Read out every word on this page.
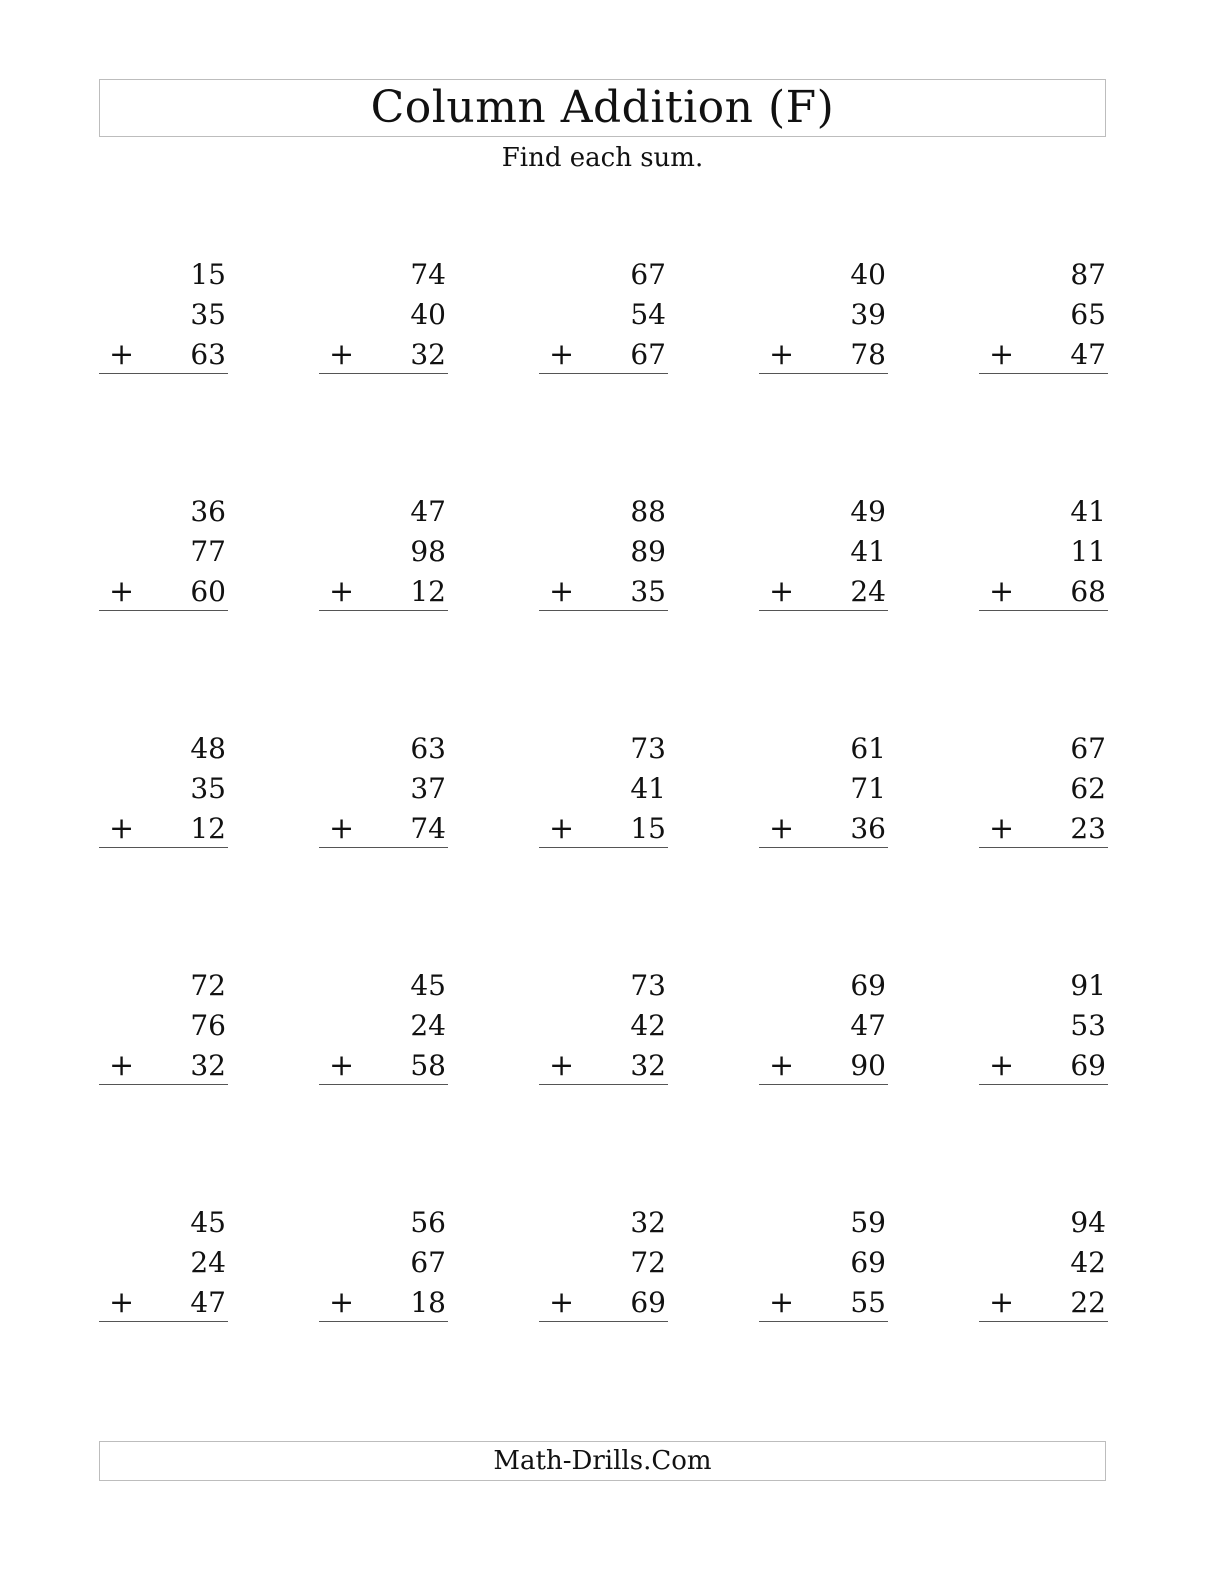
Column Addition (F)
Find each sum.
15
35
63
+
74
40
32
+
67
54
67
+
40
39
78
+
87
65
47
+
36
77
60
+
47
98
12
+
88
89
35
+
49
41
24
+
41
11
68
+
48
35
12
+
63
37
74
+
73
41
15
+
61
71
36
+
67
62
23
+
72
76
32
+
45
24
58
+
73
42
32
+
69
47
90
+
91
53
69
+
45
24
47
+
56
67
18
+
32
72
69
+
59
69
55
+
94
42
22
+
Math-Drills.Com
